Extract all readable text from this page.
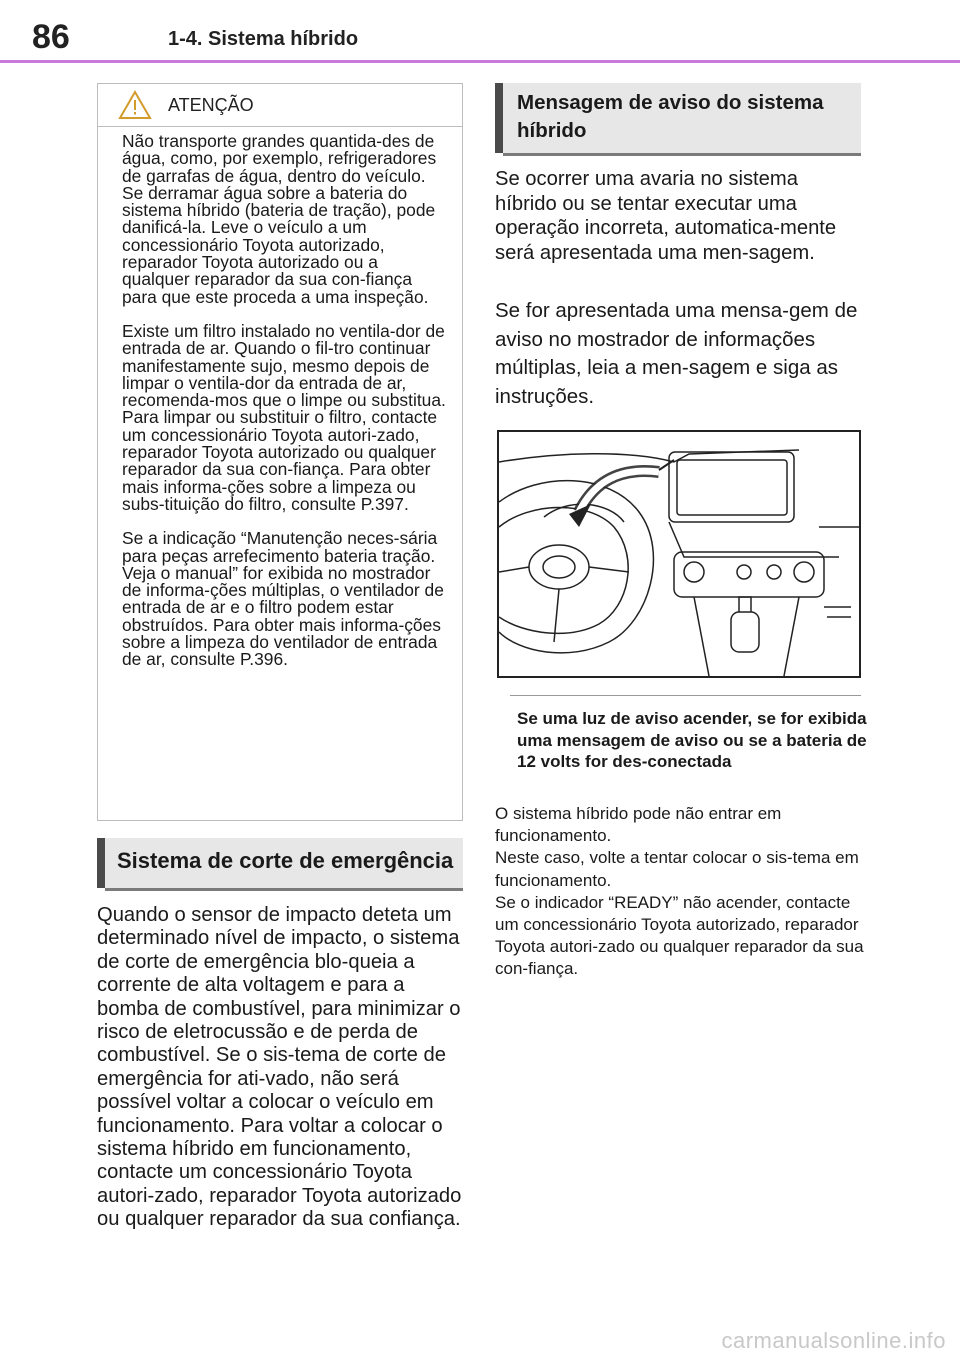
86	1-4. Sistema híbrido
ATENÇÃO

Não transporte grandes quantida-des de água, como, por exemplo, refrigeradores de garrafas de água, dentro do veículo. Se derramar água sobre a bateria do sistema híbrido (bateria de tração), pode danificá-la. Leve o veículo a um concessionário Toyota autorizado, reparador Toyota autorizado ou a qualquer reparador da sua con-fiança para que este proceda a uma inspeção.

Existe um filtro instalado no ventila-dor de entrada de ar. Quando o fil-tro continuar manifestamente sujo, mesmo depois de limpar o ventila-dor da entrada de ar, recomenda-mos que o limpe ou substitua. Para limpar ou substituir o filtro, contacte um concessionário Toyota autori-zado, reparador Toyota autorizado ou qualquer reparador da sua con-fiança. Para obter mais informa-ções sobre a limpeza ou subs-tituição do filtro, consulte P.397.

Se a indicação “Manutenção neces-sária para peças arrefecimento bateria tração. Veja o manual” for exibida no mostrador de informa-ções múltiplas, o ventilador de entrada de ar e o filtro podem estar obstruídos. Para obter mais informa-ções sobre a limpeza do ventilador de entrada de ar, consulte P.396.

Sistema de corte de emergência
Quando o sensor de impacto deteta um determinado nível de impacto, o sistema de corte de emergência blo-queia a corrente de alta voltagem e para a bomba de combustível, para minimizar o risco de eletrocussão e de perda de combustível. Se o sis-tema de corte de emergência for ati-vado, não será possível voltar a colocar o veículo em funcionamento. Para voltar a colocar o sistema híbrido em funcionamento, contacte um concessionário Toyota autori-zado, reparador Toyota autorizado ou qualquer reparador da sua confiança.
Mensagem de aviso do sistema
híbrido
Se ocorrer uma avaria no sistema híbrido ou se tentar executar uma operação incorreta, automatica-mente será apresentada uma men-sagem.
Se for apresentada uma mensa-gem de aviso no mostrador de informações múltiplas, leia a men-sagem e siga as instruções.
Se uma luz de aviso acender, se for exibida uma mensagem de aviso ou se a bateria de 12 volts for des-conectada

O sistema híbrido pode não entrar em funcionamento.

Neste caso, volte a tentar colocar o sis-tema em funcionamento.

Se o indicador “READY” não acender, contacte um concessionário Toyota autorizado, reparador Toyota autori-zado ou qualquer reparador da sua con-fiança.

carmanualsonline.info
